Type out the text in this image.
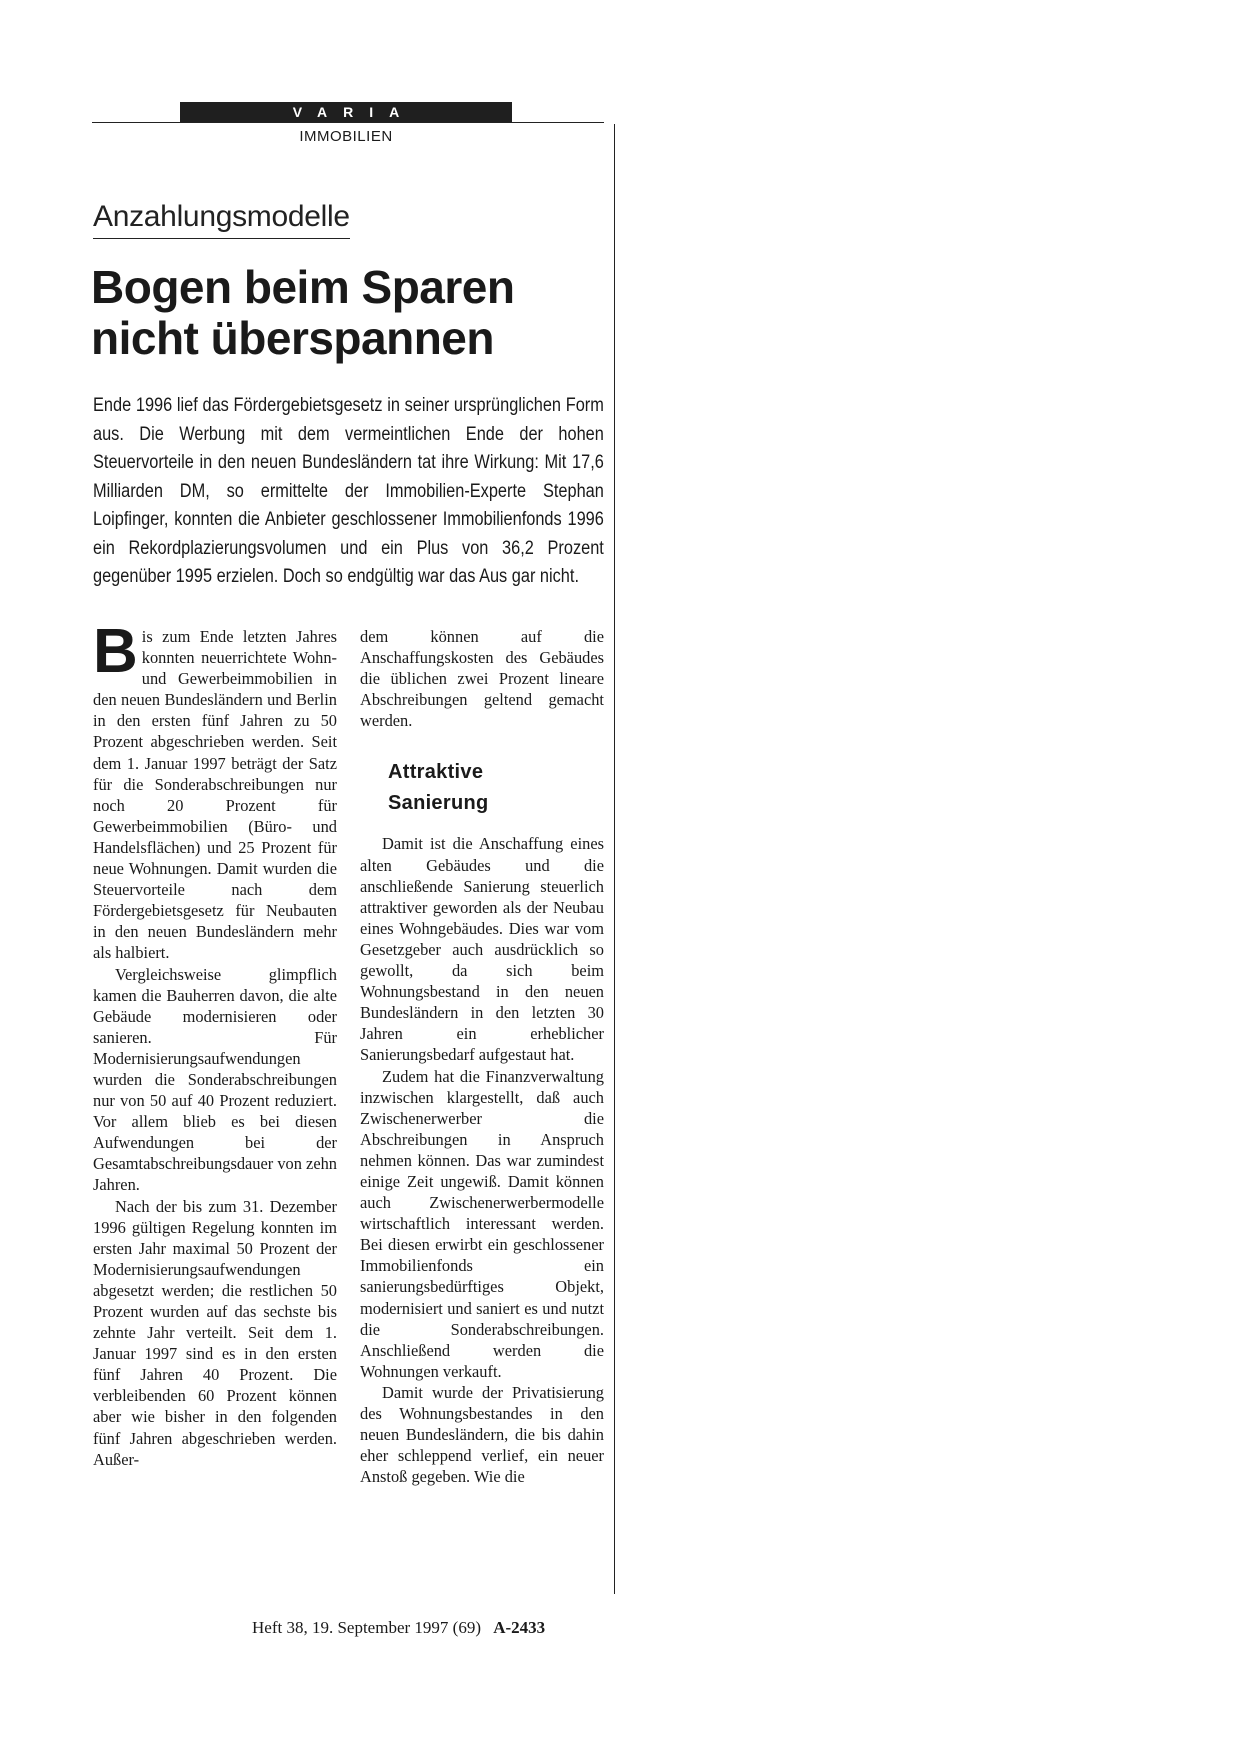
VARIA
IMMOBILIEN
Anzahlungsmodelle
Bogen beim Sparen
nicht überspannen

Ende 1996 lief das Fördergebietsgesetz in seiner ursprünglichen Form aus. Die Werbung mit dem vermeintlichen Ende der hohen Steuervorteile in den neuen Bundesländern tat ihre Wirkung: Mit 17,6 Milliarden DM, so ermittelte der Immobilien-Experte Stephan Loipfinger, konnten die Anbieter geschlossener Immobilienfonds 1996 ein Rekordplazierungsvolumen und ein Plus von 36,2 Prozent gegenüber 1995 erzielen. Doch so endgültig war das Aus gar nicht.

Bis zum Ende letzten Jahres konnten neuerrichtete Wohn- und Gewerbeimmobilien in den neuen Bundesländern und Berlin in den ersten fünf Jahren zu 50 Prozent abgeschrieben werden. Seit dem 1. Januar 1997 beträgt der Satz für die Sonderabschreibungen nur noch 20 Prozent für Gewerbeimmobilien (Büro- und Handelsflächen) und 25 Prozent für neue Wohnungen. Damit wurden die Steuervorteile nach dem Fördergebietsgesetz für Neubauten in den neuen Bundesländern mehr als halbiert.

Vergleichsweise glimpflich kamen die Bauherren davon, die alte Gebäude modernisieren oder sanieren. Für Modernisierungsaufwendungen wurden die Sonderabschreibungen nur von 50 auf 40 Prozent reduziert. Vor allem blieb es bei diesen Aufwendungen bei der Gesamtabschreibungsdauer von zehn Jahren.

Nach der bis zum 31. Dezember 1996 gültigen Regelung konnten im ersten Jahr maximal 50 Prozent der Modernisierungsaufwendungen abgesetzt werden; die restlichen 50 Prozent wurden auf das sechste bis zehnte Jahr verteilt. Seit dem 1. Januar 1997 sind es in den ersten fünf Jahren 40 Prozent. Die verbleibenden 60 Prozent können aber wie bisher in den folgenden fünf Jahren abgeschrieben werden. Außer-

dem können auf die Anschaffungskosten des Gebäudes die üblichen zwei Prozent lineare Abschreibungen geltend gemacht werden.

Attraktive
Sanierung

Damit ist die Anschaffung eines alten Gebäudes und die anschließende Sanierung steuerlich attraktiver geworden als der Neubau eines Wohngebäudes. Dies war vom Gesetzgeber auch ausdrücklich so gewollt, da sich beim Wohnungsbestand in den neuen Bundesländern in den letzten 30 Jahren ein erheblicher Sanierungsbedarf aufgestaut hat.

Zudem hat die Finanzverwaltung inzwischen klargestellt, daß auch Zwischenerwerber die Abschreibungen in Anspruch nehmen können. Das war zumindest einige Zeit ungewiß. Damit können auch Zwischenerwerbermodelle wirtschaftlich interessant werden. Bei diesen erwirbt ein geschlossener Immobilienfonds ein sanierungsbedürftiges Objekt, modernisiert und saniert es und nutzt die Sonderabschreibungen. Anschließend werden die Wohnungen verkauft.

Damit wurde der Privatisierung des Wohnungsbestandes in den neuen Bundesländern, die bis dahin eher schleppend verlief, ein neuer Anstoß gegeben. Wie die

Heft 38, 19. September 1997 (69) A-2433
